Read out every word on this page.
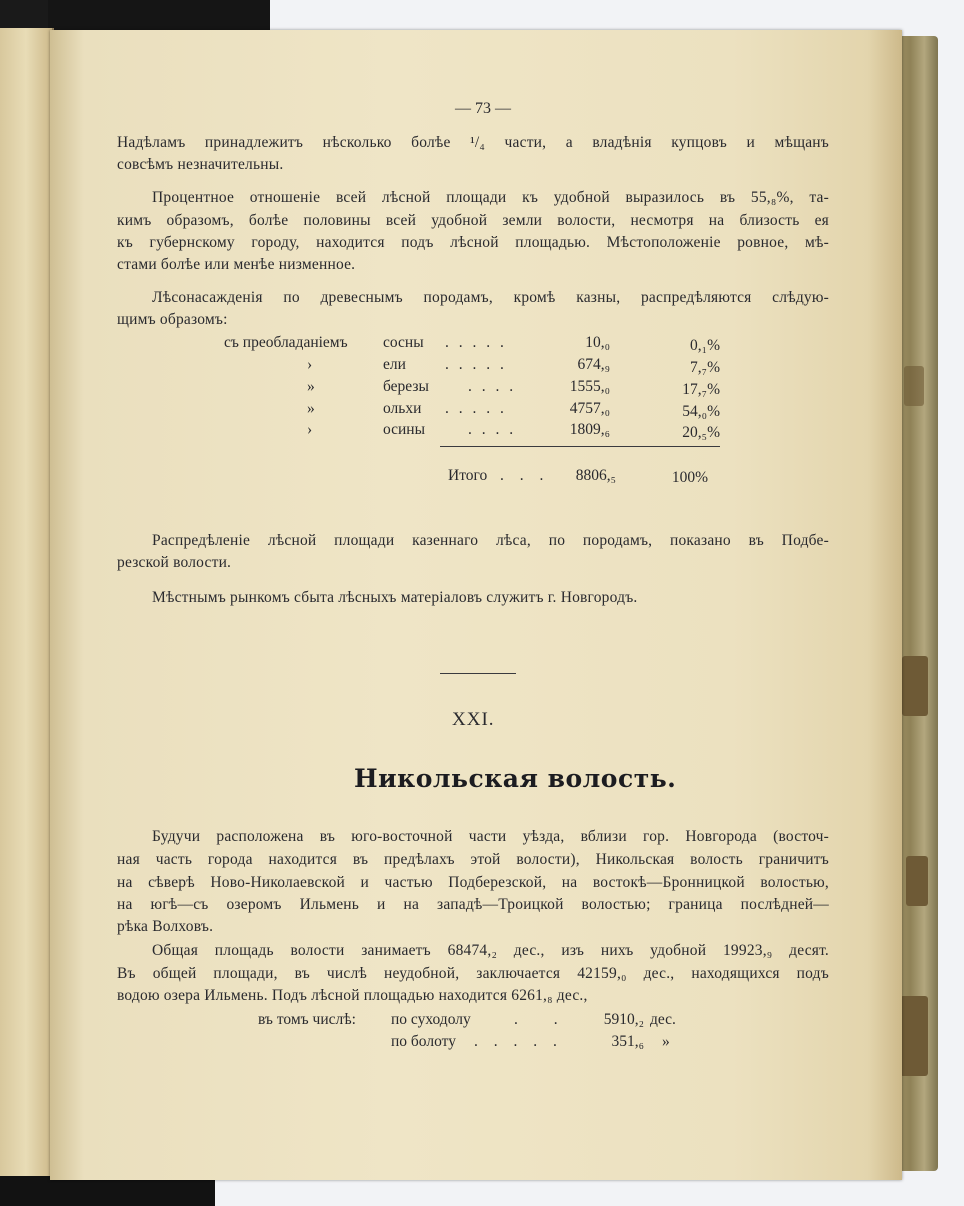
— 73 —
Надѣламъ принадлежитъ нѣсколько болѣе ¹/₄ части, а владѣнія купцовъ и мѣщанъ
совсѣмъ незначительны.
Процентное отношеніе всей лѣсной площади къ удобной выразилось въ 55,₈%, та-
кимъ образомъ, болѣе половины всей удобной земли волости, несмотря на близость ея
къ губернскому городу, находится подъ лѣсной площадью. Мѣстоположеніе ровное, мѣ-
стами болѣе или менѣе низменное.
Лѣсонасажденія по древеснымъ породамъ, кромѣ казны, распредѣляются слѣдую-
щимъ образомъ:
съ преобладаніемъ сосны . . . . .	10,₀	0,₁%
›	ели	. . . . .	674,₉	7,₇%
»	березы	. . . .	1555,₀	17,₇%
»	ольхи . . . . .	4757,₀	54,₀%
›	осины	. . . .	1809,₆	20,₅%
Итого . . .	8806,₅	100%
Распредѣленіе лѣсной площади казеннаго лѣса, по породамъ, показано въ Подбе-
резской волости.
Мѣстнымъ рынкомъ сбыта лѣсныхъ матеріаловъ служитъ г. Новгородъ.
XXI.
Никольская волость.
Будучи расположена въ юго-восточной части уѣзда, вблизи гор. Новгорода (восточ-
ная часть города находится въ предѣлахъ этой волости), Никольская волость граничитъ
на сѣверѣ Ново-Николаевской и частью Подберезской, на востокѣ—Бронницкой волостью,
на югѣ—съ озеромъ Ильмень и на западѣ—Троицкой волостью; граница послѣдней—
рѣка Волховъ.
Общая площадь волости занимаетъ 68474,₂ дес., изъ нихъ удобной 19923,₉ десят.
Въ общей площади, въ числѣ неудобной, заключается 42159,₀ дес., находящихся подъ
водою озера Ильмень. Подъ лѣсной площадью находится 6261,₈ дес.,
въ томъ числѣ: по суходолу	. .	5910,₂ дес.
по болоту . . . . .	351,₆ »
